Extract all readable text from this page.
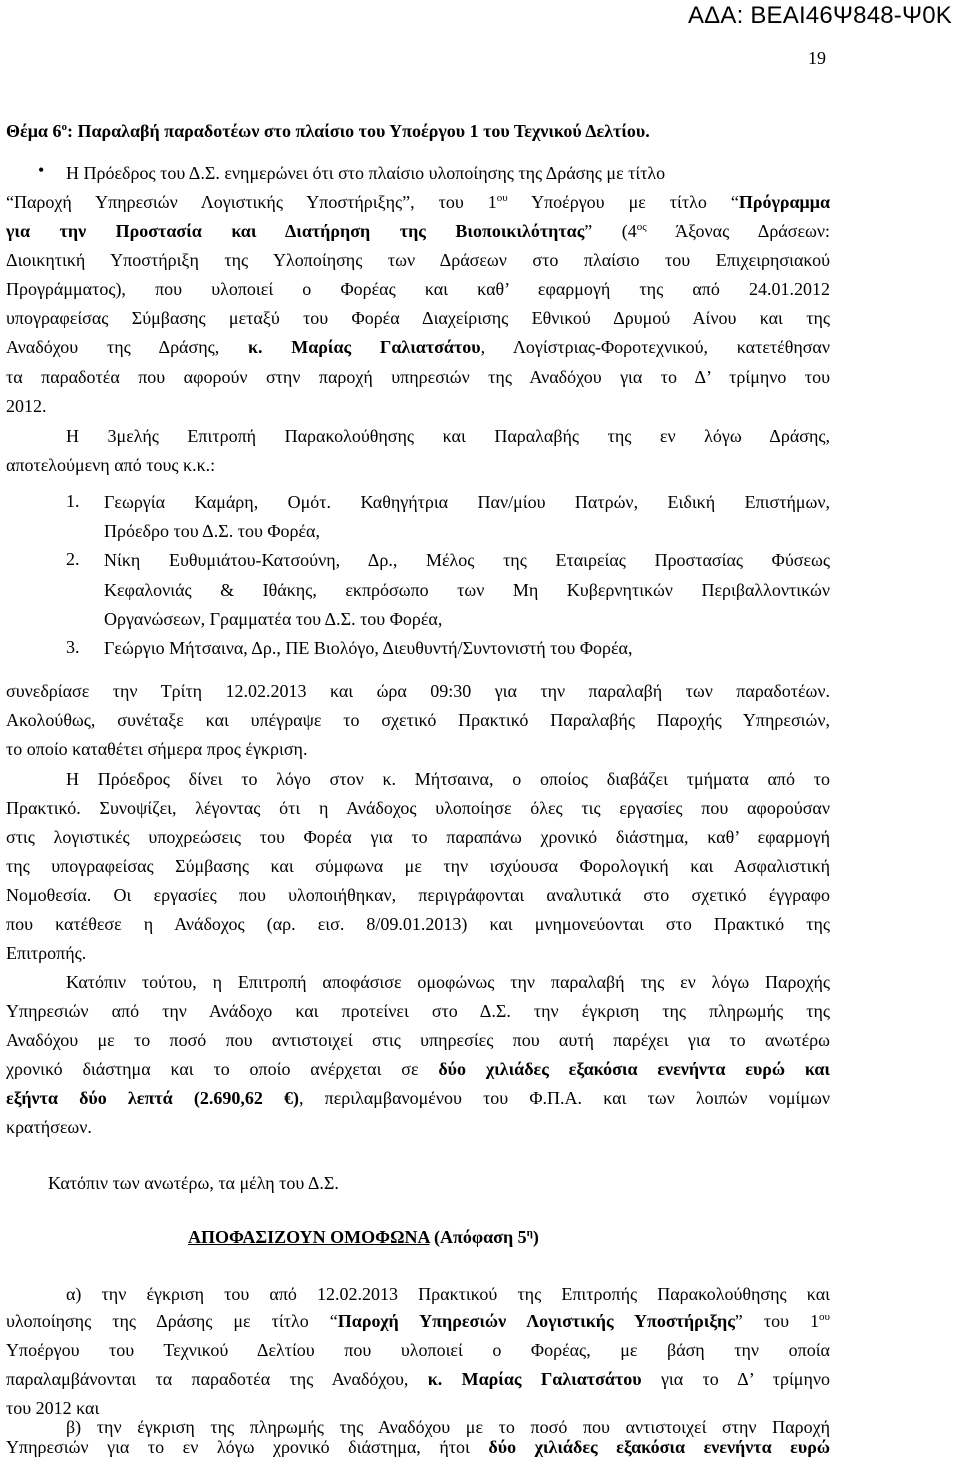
ΑΔΑ: ΒΕΑΙ46Ψ848-Ψ0Κ
19
Θέμα $6^o$: Παραλαβή παραδοτέων στο πλαίσιο του Υποέργου 1 του Τεχνικού Δελτίου.
• Η Πρόεδρος του Δ.Σ. ενημερώνει ότι στο πλαίσιο υλοποίησης της Δράσης με τίτλο
“Παροχή Υπηρεσιών Λογιστικής Υποστήριξης”, του $1^{o\upsilon}$ Υποέργου με τίτλο “Πρόγραμμα
για την Προστασία και Διατήρηση της Βιοποικιλότητας” ($4^{o\varsigma}$ Άξονας Δράσεων:
Διοικητική Υποστήριξη της Υλοποίησης των Δράσεων στο πλαίσιο του Επιχειρησιακού
Προγράμματος), που υλοποιεί ο Φορέας και καθ’ εφαρμογή της από 24.01.2012
υπογραφείσας Σύμβασης μεταξύ του Φορέα Διαχείρισης Εθνικού Δρυμού Αίνου και της
Αναδόχου της Δράσης, κ. Μαρίας Γαλιατσάτου, Λογίστριας-Φοροτεχνικού, κατετέθησαν
τα παραδοτέα που αφορούν στην παροχή υπηρεσιών της Αναδόχου για το Δ’ τρίμηνο του
2012.
Η 3μελής Επιτροπή Παρακολούθησης και Παραλαβής της εν λόγω Δράσης,
αποτελούμενη από τους κ.κ.:
1. Γεωργία Καμάρη, Ομότ. Καθηγήτρια Παν/μίου Πατρών, Ειδική Επιστήμων,
Πρόεδρο του Δ.Σ. του Φορέα,
2. Νίκη Ευθυμιάτου-Κατσούνη, Δρ., Μέλος της Εταιρείας Προστασίας Φύσεως
Κεφαλονιάς & Ιθάκης, εκπρόσωπο των Μη Κυβερνητικών Περιβαλλοντικών
Οργανώσεων, Γραμματέα του Δ.Σ. του Φορέα,
3. Γεώργιο Μήτσαινα, Δρ., ΠΕ Βιολόγο, Διευθυντή/Συντονιστή του Φορέα,
συνεδρίασε την Τρίτη 12.02.2013 και ώρα 09:30 για την παραλαβή των παραδοτέων.
Ακολούθως, συνέταξε και υπέγραψε το σχετικό Πρακτικό Παραλαβής Παροχής Υπηρεσιών,
το οποίο καταθέτει σήμερα προς έγκριση.
Η Πρόεδρος δίνει το λόγο στον κ. Μήτσαινα, ο οποίος διαβάζει τμήματα από το
Πρακτικό. Συνοψίζει, λέγοντας ότι η Ανάδοχος υλοποίησε όλες τις εργασίες που αφορούσαν
στις λογιστικές υποχρεώσεις του Φορέα για το παραπάνω χρονικό διάστημα, καθ’ εφαρμογή
της υπογραφείσας Σύμβασης και σύμφωνα με την ισχύουσα Φορολογική και Ασφαλιστική
Νομοθεσία. Οι εργασίες που υλοποιήθηκαν, περιγράφονται αναλυτικά στο σχετικό έγγραφο
που κατέθεσε η Ανάδοχος (αρ. εισ. 8/09.01.2013) και μνημονεύονται στο Πρακτικό της
Επιτροπής.
Κατόπιν τούτου, η Επιτροπή αποφάσισε ομοφώνως την παραλαβή της εν λόγω Παροχής
Υπηρεσιών από την Ανάδοχο και προτείνει στο Δ.Σ. την έγκριση της πληρωμής της
Αναδόχου με το ποσό που αντιστοιχεί στις υπηρεσίες που αυτή παρέχει για το ανωτέρω
χρονικό διάστημα και το οποίο ανέρχεται σε δύο χιλιάδες εξακόσια ενενήντα ευρώ και
εξήντα δύο λεπτά (2.690,62 €), περιλαμβανομένου του Φ.Π.Α. και των λοιπών νομίμων
κρατήσεων.
Κατόπιν των ανωτέρω, τα μέλη του Δ.Σ.
ΑΠΟΦΑΣΙΖΟΥΝ ΟΜΟΦΩΝΑ (Απόφαση $5^\eta$)
α) την έγκριση του από 12.02.2013 Πρακτικού της Επιτροπής Παρακολούθησης και
υλοποίησης της Δράσης με τίτλο “Παροχή Υπηρεσιών Λογιστικής Υποστήριξης” του $1^{o\upsilon}$
Υποέργου του Τεχνικού Δελτίου που υλοποιεί ο Φορέας, με βάση την οποία
παραλαμβάνονται τα παραδοτέα της Αναδόχου, κ. Μαρίας Γαλιατσάτου για το Δ’ τρίμηνο
του 2012 και
β) την έγκριση της πληρωμής της Αναδόχου με το ποσό που αντιστοιχεί στην Παροχή
Υπηρεσιών για το εν λόγω χρονικό διάστημα, ήτοι δύο χιλιάδες εξακόσια ενενήντα ευρώ
